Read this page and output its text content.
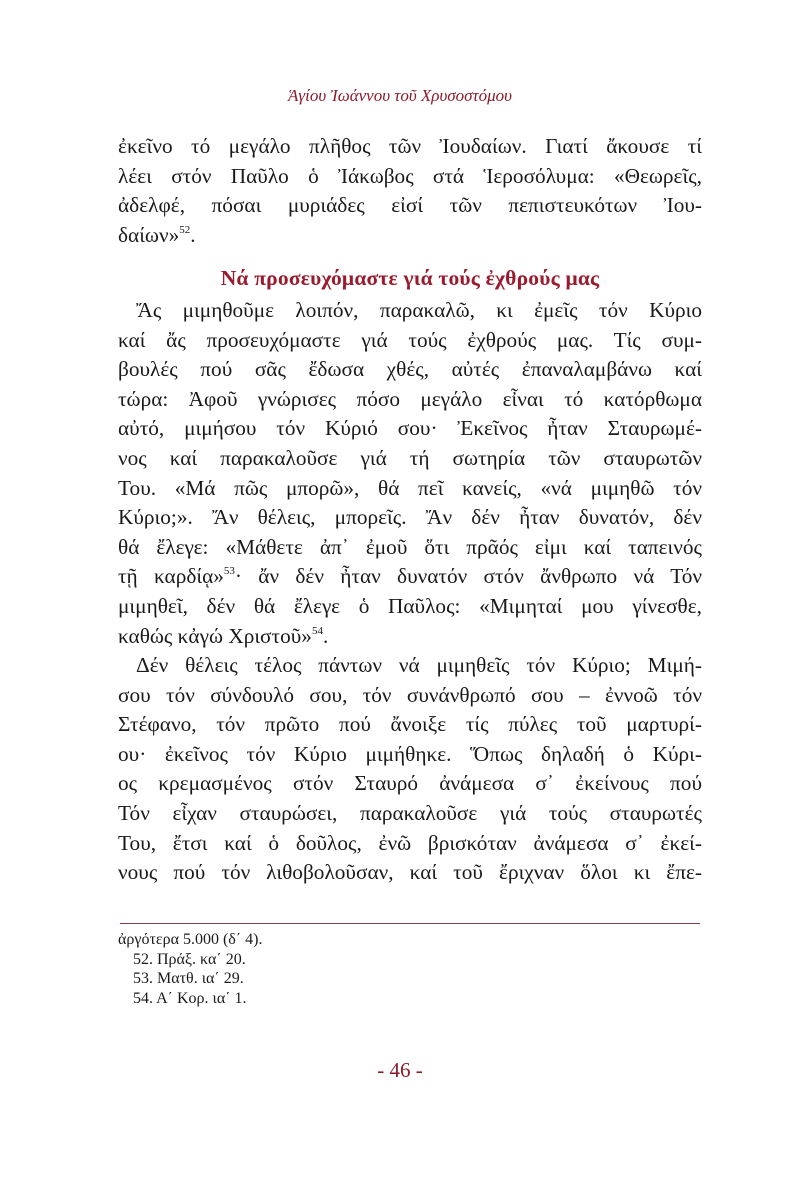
Ἁγίου Ἰωάννου τοῦ Χρυσοστόμου
ἐκεῖνο τό μεγάλο πλῆθος τῶν Ἰουδαίων. Γιατί ἄκουσε τί
λέει στόν Παῦλο ὁ Ἰάκωβος στά Ἱεροσόλυμα: «Θεωρεῖς,
ἀδελφέ, πόσαι μυριάδες εἰσί τῶν πεπιστευκότων Ἰου-
δαίων»$^{52}$.
Νά προσευχόμαστε γιά τούς ἐχθρούς μας
Ἄς μιμηθοῦμε λοιπόν, παρακαλῶ, κι ἐμεῖς τόν Κύριο
καί ἄς προσευχόμαστε γιά τούς ἐχθρούς μας. Τίς συμ-
βουλές πού σᾶς ἔδωσα χθές, αὐτές ἐπαναλαμβάνω καί
τώρα: Ἀφοῦ γνώρισες πόσο μεγάλο εἶναι τό κατόρθωμα
αὐτό, μιμήσου τόν Κύριό σου· Ἐκεῖνος ἦταν Σταυρωμέ-
νος καί παρακαλοῦσε γιά τή σωτηρία τῶν σταυρωτῶν
Του. «Μά πῶς μπορῶ», θά πεῖ κανείς, «νά μιμηθῶ τόν
Κύριο;». Ἄν θέλεις, μπορεῖς. Ἄν δέν ἦταν δυνατόν, δέν
θά ἔλεγε: «Μάθετε ἀπ᾽ ἐμοῦ ὅτι πρᾶός εἰμι καί ταπεινός
τῇ καρδίᾳ»$^{53}$· ἄν δέν ἦταν δυνατόν στόν ἄνθρωπο νά Τόν
μιμηθεῖ, δέν θά ἔλεγε ὁ Παῦλος: «Μιμηταί μου γίνεσθε,
καθώς κἀγώ Χριστοῦ»$^{54}$.
Δέν θέλεις τέλος πάντων νά μιμηθεῖς τόν Κύριο; Μιμή-
σου τόν σύνδουλό σου, τόν συνάνθρωπό σου – ἐννοῶ τόν
Στέφανο, τόν πρῶτο πού ἄνοιξε τίς πύλες τοῦ μαρτυρί-
ου· ἐκεῖνος τόν Κύριο μιμήθηκε. Ὅπως δηλαδή ὁ Κύρι-
ος κρεμασμένος στόν Σταυρό ἀνάμεσα σ᾽ ἐκείνους πού
Τόν εἶχαν σταυρώσει, παρακαλοῦσε γιά τούς σταυρωτές
Του, ἔτσι καί ὁ δοῦλος, ἐνῶ βρισκόταν ἀνάμεσα σ᾽ ἐκεί-
νους πού τόν λιθοβολοῦσαν, καί τοῦ ἔριχναν ὅλοι κι ἔπε-
ἀργότερα 5.000 (δ΄ 4).
52. Πράξ. κα΄ 20.
53. Ματθ. ια΄ 29.
54. Α΄ Κορ. ια΄ 1.
- 46 -
